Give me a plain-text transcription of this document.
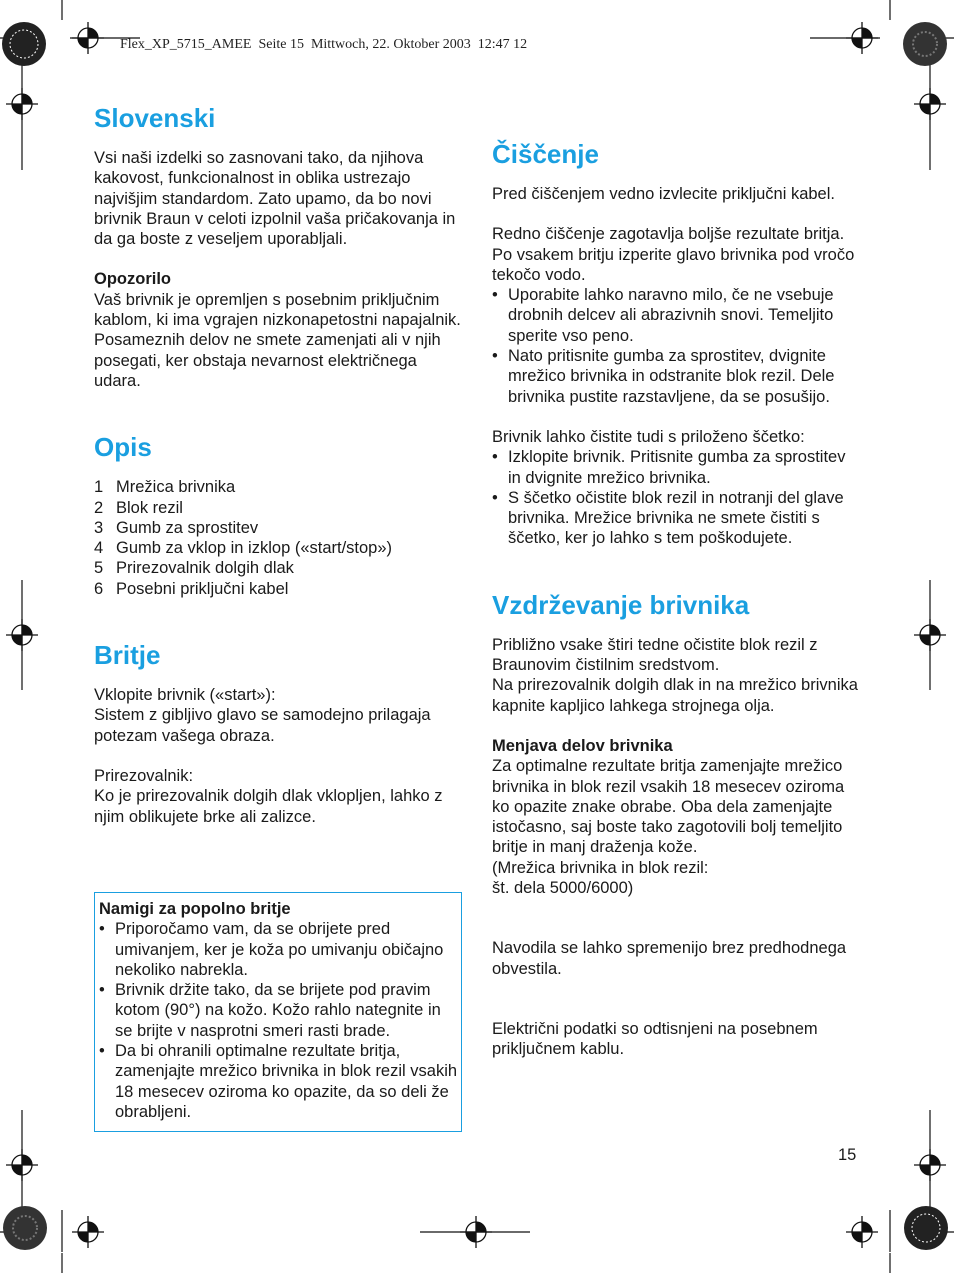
Flex_XP_5715_AMEE  Seite 15  Mittwoch, 22. Oktober 2003  12:47 12
Slovenski

Vsi naši izdelki so zasnovani tako, da njihova kakovost, funkcionalnost in oblika ustrezajo najvišjim standardom. Zato upamo, da bo novi brivnik Braun v celoti izpolnil vaša pričakovanja in da ga boste z veseljem uporabljali.

Opozorilo

Vaš brivnik je opremljen s posebnim priključnim kablom, ki ima vgrajen nizkonapetostni napajalnik. Posameznih delov ne smete zamenjati ali v njih posegati, ker obstaja nevarnost električnega udara.

Opis
1 Mrežica brivnika
2 Blok rezil
3 Gumb za sprostitev
4 Gumb za vklop in izklop («start/stop»)
5 Prirezovalnik dolgih dlak
6 Posebni priključni kabel
Britje

Vklopite brivnik («start»):

Sistem z gibljivo glavo se samodejno prilagaja potezam vašega obraza.

Prirezovalnik:

Ko je prirezovalnik dolgih dlak vklopljen, lahko z njim oblikujete brke ali zalizce.

Namigi za popolno britje

• Priporočamo vam, da se obrijete pred umivanjem, ker je koža po umivanju običajno nekoliko nabrekla.
• Brivnik držite tako, da se brijete pod pravim kotom (90°) na kožo. Kožo rahlo nategnite in se brijte v nasprotni smeri rasti brade.
• Da bi ohranili optimalne rezultate britja, zamenjajte mrežico brivnika in blok rezil vsakih 18 mesecev oziroma ko opazite, da so deli že obrabljeni.
Čiščenje

Pred čiščenjem vedno izvlecite priključni kabel.

Redno čiščenje zagotavlja boljše rezultate britja. Po vsakem britju izperite glavo brivnika pod vročo tekočo vodo.

• Uporabite lahko naravno milo, če ne vsebuje drobnih delcev ali abrazivnih snovi. Temeljito sperite vso peno.
• Nato pritisnite gumba za sprostitev, dvignite mrežico brivnika in odstranite blok rezil. Dele brivnika pustite razstavljene, da se posušijo.

Brivnik lahko čistite tudi s priloženo ščetko:

• Izklopite brivnik. Pritisnite gumba za sprostitev in dvignite mrežico brivnika.
• S ščetko očistite blok rezil in notranji del glave brivnika. Mrežice brivnika ne smete čistiti s ščetko, ker jo lahko s tem poškodujete.
Vzdrževanje brivnika

Približno vsake štiri tedne očistite blok rezil z Braunovim čistilnim sredstvom.

Na prirezovalnik dolgih dlak in na mrežico brivnika kapnite kapljico lahkega strojnega olja.

Menjava delov brivnika

Za optimalne rezultate britja zamenjajte mrežico brivnika in blok rezil vsakih 18 mesecev oziroma ko opazite znake obrabe. Oba dela zamenjajte istočasno, saj boste tako zagotovili bolj temeljito britje in manj draženja kože.

(Mrežica brivnika in blok rezil:

št. dela 5000/6000)

Navodila se lahko spremenijo brez predhodnega obvestila.

Električni podatki so odtisnjeni na posebnem priključnem kablu.

15
